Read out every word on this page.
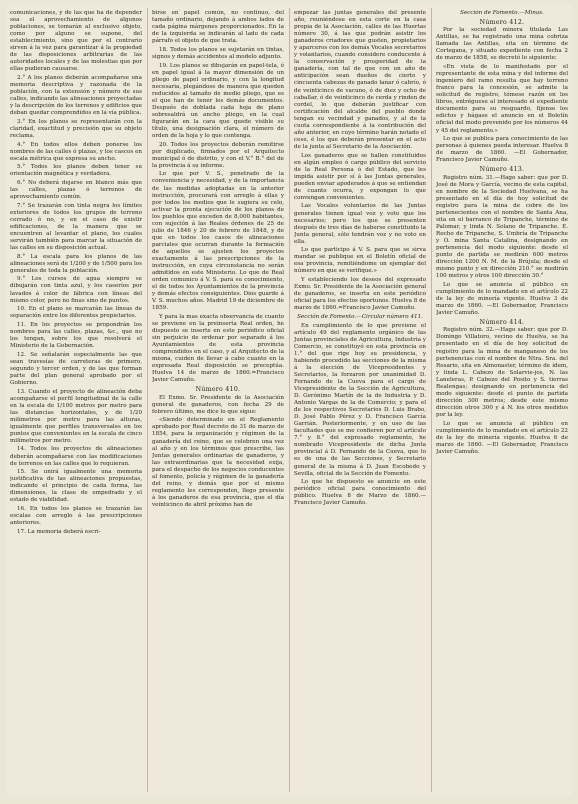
comunicaciones, y de las que ha de depender sea el aprovechamiento de algunos poblaciones, se tomarán al exclusivo objeto, como por alguno se supone, del establecimiento, sino que por el contrario sirven á la vez para garantizar á la propiedad de las disposiciones arbitrarias de las autoridades locales y de las molestias que por ellas pudieran causarse.

2.° A los planos deberán acompañarse una memoria descriptiva y razonada de la población, con la extensión y número de sus calles, indicando las alineaciones proyectadas y la descripción de los terrenos y edificios que deban quedar comprendidos en la vía pública.

3.° En los planos se representarán con la claridad, exactitud y precisión que su objeto reclama.

4.° En todos ellos deben ponerse los nombres de las calles ó plazas, y los cascos en escala métrica que expresa su ancho.

5.° Todos los planos deben tener su orientación magnética y verdadera.

6.° No deberá dejarse en blanco más que las calles, plazas ó terrenos de aprovechamiento común.

7.° Se trazarán con tinta negra los límites exteriores de todos los grupos de terreno cerrado ó no, y en el caso de existir edificaciones, de la manera que se encuentren al levantar el plano, los cuales servirán también para marcar la situación de las calles en su disposición actual.

8.° La escala para los planos de las alineaciones será de 1/200 y de 1/500 para los generales de toda la población.

9.° Los cursos de agua siempre se dibujarán con tinta azul, y los caseríos por lavados á color de fábrica con líneas del mismo color, pero no finas sino de puntos.

10. En el plano se marcarán las líneas de separación entre los diferentes propietarios.

11. En los proyectos se propondrán los nombres para las calles, plazas, &c., que no los tengan, sobre los que resolverá el Ministerio de la Gobernación.

12. Se señalarán especialmente las que sean travesías de carreteras de primero, segundo y tercer orden, y de las que forman parte del plan general aprobado por el Gobierno.

13. Cuando el proyecto de alineación deba acompañarse el perfil longitudinal de la calle en la escala de 1/100 metros por metro para las distancias horizontales, y de 1/20 milímetros por metro para las alturas, igualmente que perfiles transversales en los puntos que convenientes en la escala de cinco milímetros por metro.

14. Todos los proyectos de alineaciones deberán acompañarse con las modificaciones de terrenos en las calles que lo requieran.

15. Se unirá igualmente una memoria justificativa de las alineaciones propuestas, indicando el principio de cada forma, las dimensiones, la clase de empedrado y el estado de viabilidad.

16. En todos los planos se trazarán las escalas con arreglo á las prescripciones anteriores.

17. La memoria deberá escri-

birse en papel común, no continuo, del tamaño ordinario, dejando á ambos lados de cada página márgenes proporcionados. En la de la izquierda se indicarán al lado de cada párrafo el objeto de que trata.

18. Todos los planos se sujetarán en tintas, signos y demás accidentes al modelo adjunto.

19. Los planos se dibujarán en papel-tela, ó en papel igual á la mayor dimensión de un pliego de papel ordinario, y con la longitud necesaria, plegándose de manera que queden reducidos al tamaño de medio pliego, que es el que han de tener los demás documentos. Después de doblada cada hoja de plano sobresaldrá un ancho pliego, en la cual figurarán en la cara que quede visible su título, una designación clara, el número de orden de la hoja y lo que contenga.

20. Todos los proyectos deberán remitirse por duplicado, firmados por el Arquitecto municipal ó de distrito, y con el V.° B.° del de la provincia á su informe.

Lo que por V. S., penetrado de la conveniencia y necesidad, y de la importancia de las medidas adoptadas en la anterior instrucción, procurará con arreglo á ellas y por todos los medios que le sugiera su celo, activar la pronta ejecución de los planos de los pueblos que exceden de 8,000 habitantes, con sujeción á las Reales órdenes de 25 de julio de 1846 y 20 de febrero de 1848, y de que en todos los casos de alineaciones parciales que ocurran durante la formación de aquellos se ajusten los proyectos exactamente á las prescripciones de la instrucción, en cuya circunstancia no serán admitidos en este Ministerio. Lo que de Real orden comunico á V. S. para su conocimiento, el de todos los Ayuntamientos de la provincia y demás efectos consiguientes. Dios guarde á V. S. muchos años. Madrid 19 de diciembre de 1859.

Y para la mas exacta observancia de cuanto se previene en la preinserta Real orden, he dispuesto se inserte en este periódico oficial sin perjuicio de ordenar por separado á los Ayuntamientos de esta provincia comprendidos en el caso, y al Arquitecto de la misma, cuiden de llevar á cabo cuanto en la expresada Real disposición se preceptúa. Huelva 14 de marzo de 1860.=Francisco Javier Camuño.

Número 410.

El Exmo. Sr. Presidente de la Asociación general de ganaderos, con fecha 29 de febrero último, me dice lo que sigue:

«Siendo determinado en el Reglamento aprobado por Real decreto de 31 de marzo de 1854, para la organización y régimen de la ganadería del reino, que se celebren una vez al año y en los términos que prescribe, las Juntas generales ordinarias de ganaderos, y las extraordinarias que la necesidad exija, para el despacho de los negocios conducentes al fomento, policía y régimen de la ganadería del reino, y demás que por el mismo reglamento les corresponden, llego presente á los ganaderos de esa provincia, que el día veinticinco de abril próximo han de

empezar las juntas generales del presente año, reuniéndose en esta corte en la casa propia de la Asociación, calles de las Huertas número 30, á las que podrán asistir los ganaderos criadores que gusten, propietarios y aparceros con los demás Vocales secretarios y volantarios, cuando considere conducente á la conservación y prosperidad de la ganadería, con tal de que con un año de anticipación sean dueños de cierto y cincuenta cabezas de ganado lanar ó cabrío, ó de veinticinco de vacuno, ó de diez y ocho de caballar, ó de veinticinco de cerda y rinden de cordel, lo que deberán justificar con certificación del alcalde del pueblo donde tengan su vecindad y ganados, y al de la cuota correspondiente á la contribución del año anterior, en cuyo término harán notado el cese, é los que deberán presentar en el acto de la junta al Secretario de la Asociación.

Los ganaderos que se hallen constituidos en algún empleo ó cargo público del servicio de la Real Persona ó del Estado, que les impida asistir por sí á las Juntas generales, pueden enviar apoderados á que se entiendan de cuanto ocurra, y expongan lo que convengan convenientes.

Las Vocales voluntarios de las Juntas generales tienen igual voz y voto que los necesarios; pero los que se presenten después de tres días de haberse constituido la Junta general, sólo tendrán voz y no voto en ella.

Lo que participo á V. S. para que se sirva mandar se publique en el Boletín oficial de esa provincia, remitiéndome un ejemplar del número en que se verifique.»

Y estableciendo los deseos del expresado Exmo. Sr. Presidente de la Asociación general de ganaderos, se inserta en este periódico oficial para los efectos oportunos. Huelva 8 de marzo de 1860.=Francisco Javier Camuño.

Sección de Fomento.—Circular número 411.

En cumplimiento de lo que previene el artículo 49 del reglamento orgánico de las Juntas provinciales de Agricultura, Industria y Comercio, se constituyó en esta provincia en 1.° del que rige hoy su presidencia, y habiendo procedido las secciones de la misma á la elección de Vicepresidentes y Secretarios, la forzaron por unanimidad D. Fernando de la Cueva para el cargo de Vicepresidente de la Sección de Agricultura, D. Gerónimo Martín de la de Industria y D. Antonio Vargas de la de Comercio; y para el de los respectivos Secretarios D. Luis Brabo, D. José Pablo Pérez y D. Francisco García Garrián. Posteriormente, y en uso de las facultades que se me confieren por el artículo 7.° y 8.° del expresado reglamento, he nombrado Vicepresidente de dicha Junta provincial á D. Fernando de la Cueva, que lo es de una de las Secciones, y Secretario general de la misma á D. Juan Escobedo y Sevilla, oficial de la Sección de Fomento.

Lo que he dispuesto se anuncie en este periódico oficial para conocimiento del público. Huelva 8 de Marzo de 1860.—Francisco Javier Camuño.

Sección de Fomento.—Minas.

Número 412.

Por la sociedad minera titulada Las Antillas, se ha registrado una mina cobriza llamada las Antillas, sita en término de Cortegana, y situado expediente con fecha 2 de marzo de 1858, se decretó lo siguiente:

«En vista de lo manifestado por el representante de esta mina y del informe del ingeniero del ramo resulta que hay terreno franco para la concesión, se admite la solicitud de registro, tómese razón en los libros, entréguese al interesado el expediente documento para su resguardo, fíjense los edictos y hágase el anuncio en el Boletín oficial del modo prevenido por los números 44 y 45 del reglamento.»

Lo que se publica para conocimiento de las personas á quienes pueda interesar. Huelva 8 de marzo de 1860. —El Gobernador, Francisco Javier Camuño.

Número 413.

Registro núm. 31.—Hago saber: que por D. José de Mora y García, vecino de esta capital, en nombre de la Sociedad Huelvana, se ha presentado en el día de hoy solicitud de registro para la mina de cobre de los pertenecientes con el nombre de Santa Ana, sita en el barranco de Tripanche, término de Palomar, y linda N. Solano de Tripanche. E. Rocho de Tripanche, S. Umbría de Tripanche y O. mina Santa Catalina, designando en pertenencia del modo siguiente: desde el punto de partida se medirán 600 metros dirección 1200 N. M. de la Brújula; desde el mismo punto y en dirección 210.° se medirán 100 metros y otros 100 dirección 30.°

Lo que se anuncia al público en cumplimiento de lo mandado en el artículo 22 de la ley de minería vigente. Huelva 3 de marzo de 1860. —El Gobernador, Francisco Javier Camuño.

Número 414.

Registro núm. 32.—Hago saber: que por D. Domingo Villatoro, vecino de Huelva, se ha presentado en el día de hoy solicitud de registro para la mina de manganeso de los pertenencias con el nombre de Ntra. Sra. del Rosario, sita en Almonaster, término de ídem, y linda L. Cabezo de Solarvie-jos, N. las Laneleras, P. Cabezo del Posito y S. tierras Realengas; designando en pertenencia del modo siguiente: desde el punto de partida dirección 300 metros; desde este mismo dirección otros 300 y á N. los otros medidos por la ley.

Lo que se anuncia al público en cumplimiento de lo mandado en el artículo 22 de la ley de minería vigente. Huelva 6 de marzo de 1860. —El Gobernador, Francisco Javier Camuño.
